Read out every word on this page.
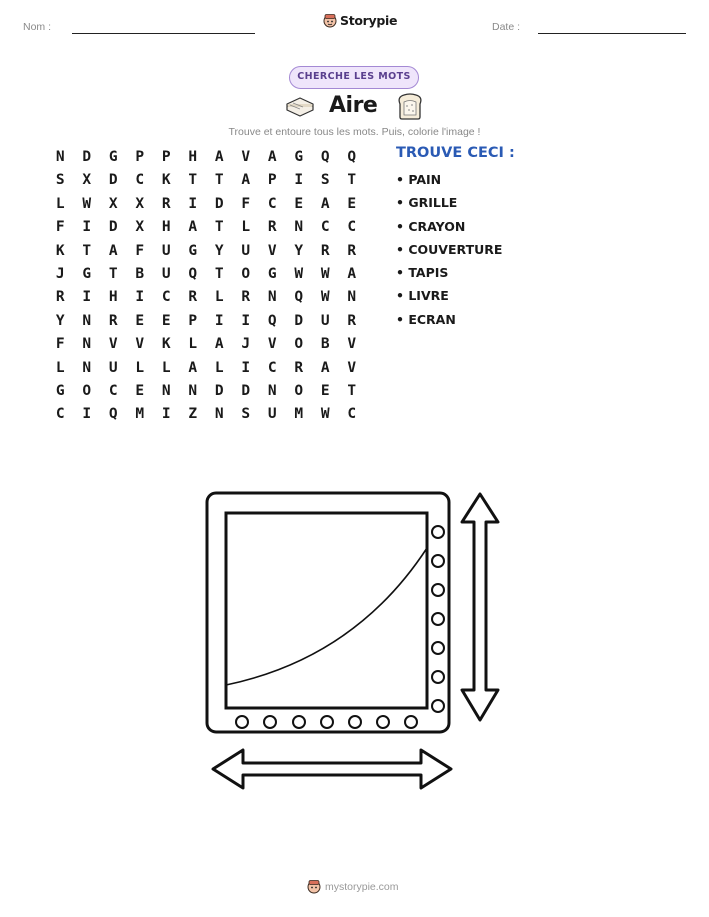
Nom :	Storypie	Date :
CHERCHE LES MOTS
Aire
Trouve et entoure tous les mots. Puis, colorie l'image !
N	D	G	P	P	H	A	V	A	G	Q	Q
S	X	D	C	K	T	T	A	P	I	S	T
L	W	X	X	R	I	D	F	C	E	A	E
F	I	D	X	H	A	T	L	R	N	C	C
K	T	A	F	U	G	Y	U	V	Y	R	R
J	G	T	B	U	Q	T	O	G	W	W	A
R	I	H	I	C	R	L	R	N	Q	W	N
Y	N	R	E	E	P	I	I	Q	D	U	R
F	N	V	V	K	L	A	J	V	O	B	V
L	N	U	L	L	A	L	I	C	R	A	V
G	O	C	E	N	N	D	D	N	O	E	T
C	I	Q	M	I	Z	N	S	U	M	W	C
TROUVE CECI :
• PAIN
• GRILLE
• CRAYON
• COUVERTURE
• TAPIS
• LIVRE
• ECRAN
mystorypie.com
